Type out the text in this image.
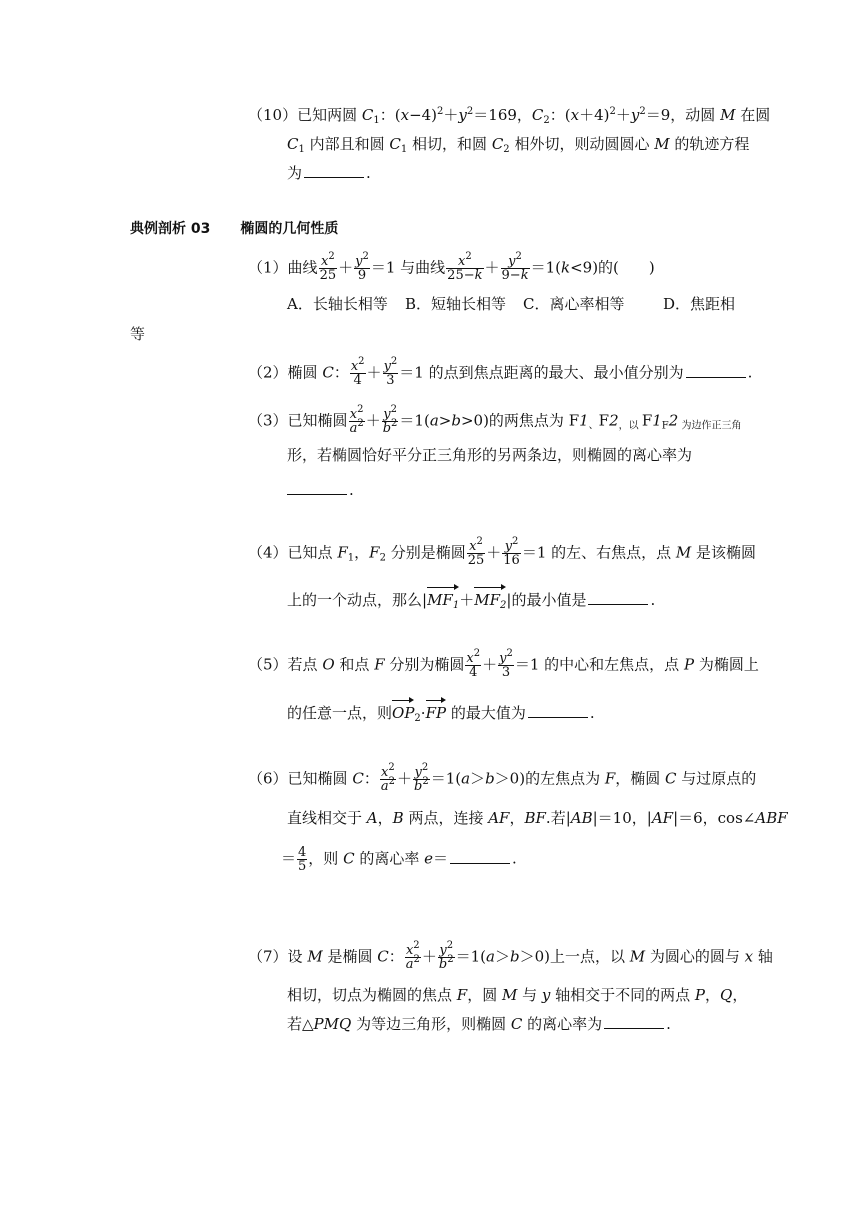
（10）已知两圆 $C_1$：$(x-4)^2+y^2=169$，$C_2$：$(x+4)^2+y^2=9$，动圆 M 在圆
$C_1$ 内部且和圆 $C_1$ 相切，和圆 $C_2$ 相外切，则动圆圆心 M 的轨迹方程
为	.
典例剖析 03 椭圆的几何性质
（1）曲线 $\frac{x^2}{25} + \frac{y^2}{9} =1$ 与曲线 $\frac{x^2}{25-k} + \frac{y^2}{9-k} =1(k<9)$的(　　)
A．长轴长相等 B．短轴长相等 C．离心率相等	D．焦距相
等
（2）椭圆 C： $\frac{x^2}{4} + \frac{y^2}{3} =1$ 的点到焦点距离的最大、最小值分别为	.
（3）已知椭圆 $\frac{x^2}{a^2} + \frac{y^2}{b^2} =1(a>b>0)$的两焦点为 $F1_、F2_{,以}$ $F1_F2$ $_{为边作正三角}$
形，若椭圆恰好平分正三角形的另两条边，则椭圆的离心率为
.
（4）已知点 $F_1$，$F_2$ 分别是椭圆 $\frac{x^2}{25} + \frac{y^2}{16} =1$ 的左、右焦点，点 M 是该椭圆
上的一个动点，那么$|MF_1+MF_2|$的最小值是	.
（5）若点 O 和点 F 分别为椭圆 $\frac{x^2}{4} + \frac{y^2}{3} =1$ 的中心和左焦点，点 P 为椭圆上
的任意一点，则$OP_2\cdot FP$ 的最大值为	.
（6）已知椭圆 C： $\frac{x^2}{a^2} + \frac{y^2}{b^2} =1(a>b>0)$的左焦点为 F，椭圆 C 与过原点的
直线相交于 A，B 两点，连接 AF，BF.若|AB|＝10，|AF|＝6，cos∠ABF
＝ $\frac{4}{5}$ ，则 C 的离心率 e＝	.
（7）设 M 是椭圆 C： $\frac{x^2}{a^2} + \frac{y^2}{b^2} =1(a>b>0)$上一点，以 M 为圆心的圆与 x 轴
相切，切点为椭圆的焦点 F，圆 M 与 y 轴相交于不同的两点 P，Q，
若△PMQ 为等边三角形，则椭圆 C 的离心率为	.
